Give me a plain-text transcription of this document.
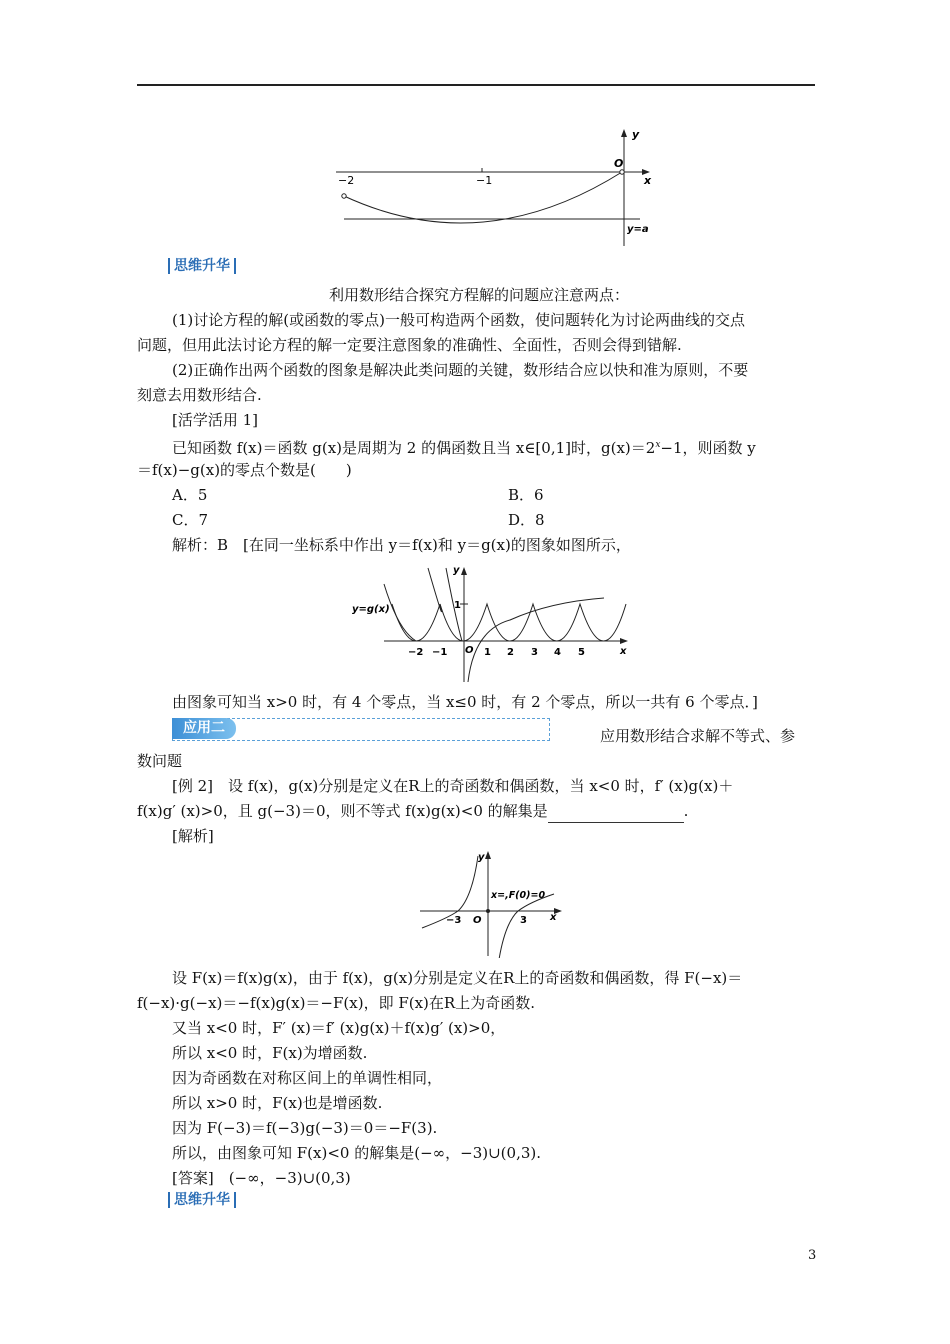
y
O
x
−2	−1
y=a
思维升华
利用数形结合探究方程解的问题应注意两点：
(1)讨论方程的解(或函数的零点)一般可构造两个函数，使问题转化为讨论两曲线的交点
问题，但用此法讨论方程的解一定要注意图象的准确性、全面性，否则会得到错解.
(2)正确作出两个函数的图象是解决此类问题的关键，数形结合应以快和准为原则，不要
刻意去用数形结合.
[活学活用 1]
已知函数 f(x)＝函数 g(x)是周期为 2 的偶函数且当 x∈[0,1]时，$g(x)=2^x-1$，则函数 y
＝f(x)−g(x)的零点个数是(　　)
A．5	B．6
C．7	D．8
解析：B　[在同一坐标系中作出 y＝f(x)和 y＝g(x)的图象如图所示，
y
1
y=g(x)
O	x
−2 −1	1 2 3 4 5
由图象可知当 x>0 时，有 4 个零点，当 x≤0 时，有 2 个零点，所以一共有 6 个零点．]
应用二	应用数形结合求解不等式、参
数问题
[例 2]　设 f(x)，g(x)分别是定义在R上的奇函数和偶函数，当 x<0 时，f′ (x)g(x)＋
f(x)g′ (x)>0，且 g(−3)＝0，则不等式 f(x)g(x)<0 的解集是	.
[解析]
y
x=,F(0)=0
−3 O	3 x
设 F(x)＝f(x)g(x)，由于 f(x)，g(x)分别是定义在R上的奇函数和偶函数，得 F(−x)＝
f(−x)·g(−x)＝−f(x)g(x)＝−F(x)，即 F(x)在R上为奇函数.
又当 x<0 时，F′ (x)＝f′ (x)g(x)＋f(x)g′ (x)>0，
所以 x<0 时，F(x)为增函数.
因为奇函数在对称区间上的单调性相同，
所以 x>0 时，F(x)也是增函数.
因为 F(−3)＝f(−3)g(−3)＝0＝−F(3).
所以，由图象可知 F(x)<0 的解集是(−∞，−3)∪(0,3).
[答案]　(−∞，−3)∪(0,3)
思维升华
3
